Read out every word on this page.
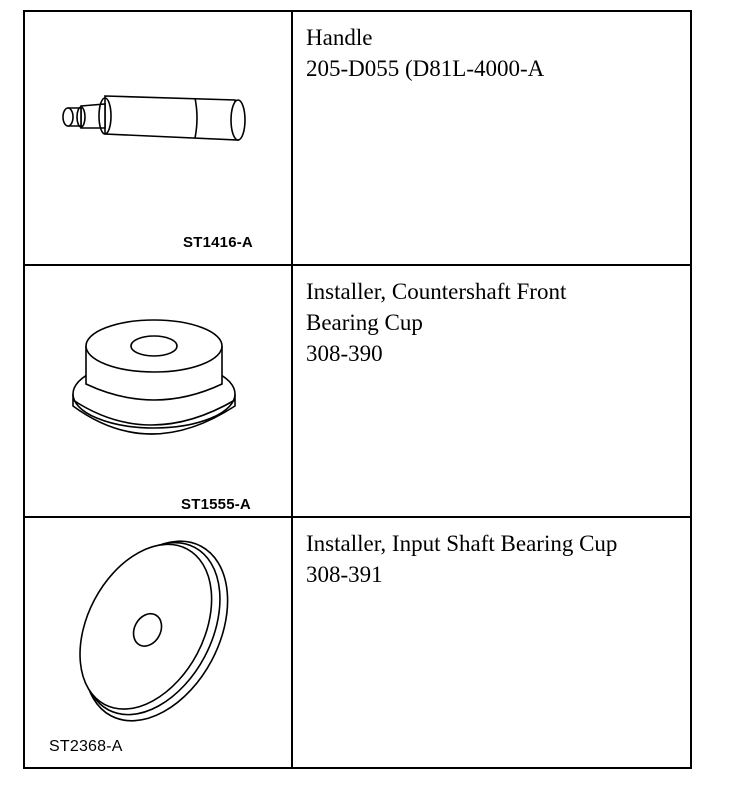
ST1416-A
Handle
205-D055 (D81L-4000-A
ST1555-A
Installer, Countershaft Front
Bearing Cup
308-390
ST2368-A
Installer, Input Shaft Bearing Cup
308-391
